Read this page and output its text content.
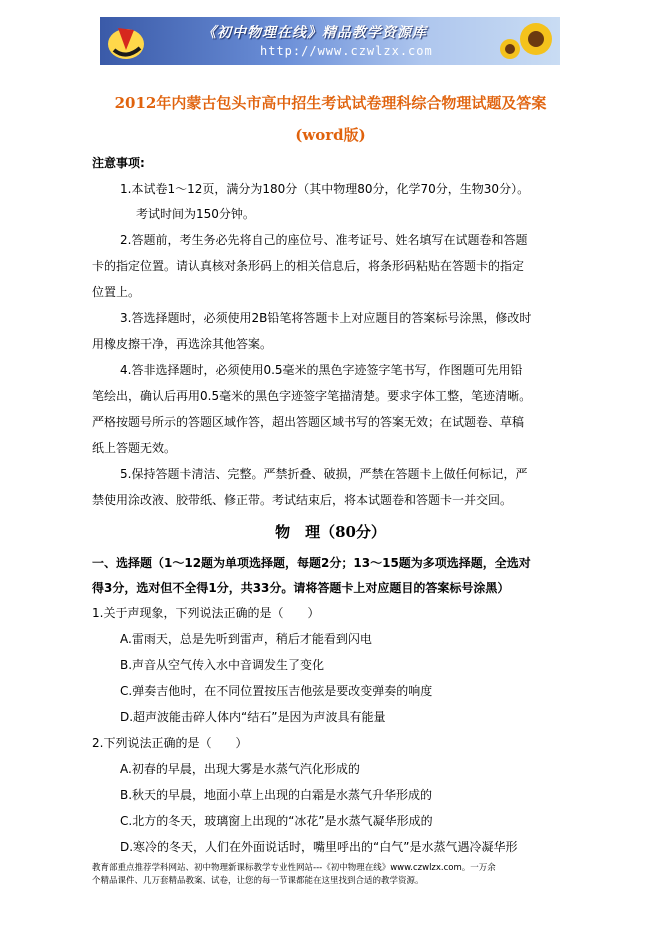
《初中物理在线》精品教学资源库
http://www.czwlzx.com
2012年内蒙古包头市高中招生考试试卷理科综合物理试题及答案
(word版)
注意事项:
1.本试卷1～12页，满分为180分（其中物理80分，化学70分，生物30分）。
考试时间为150分钟。
2.答题前，考生务必先将自己的座位号、准考证号、姓名填写在试题卷和答题
卡的指定位置。请认真核对条形码上的相关信息后，将条形码粘贴在答题卡的指定
位置上。
3.答选择题时，必须使用2B铅笔将答题卡上对应题目的答案标号涂黑，修改时
用橡皮擦干净，再选涂其他答案。
4.答非选择题时，必须使用0.5毫米的黑色字迹签字笔书写，作图题可先用铅
笔绘出，确认后再用0.5毫米的黑色字迹签字笔描清楚。要求字体工整，笔迹清晰。
严格按题号所示的答题区域作答，超出答题区域书写的答案无效；在试题卷、草稿
纸上答题无效。
5.保持答题卡清洁、完整。严禁折叠、破损，严禁在答题卡上做任何标记，严
禁使用涂改液、胶带纸、修正带。考试结束后，将本试题卷和答题卡一并交回。
物　理（80分）
一、选择题（1～12题为单项选择题，每题2分；13～15题为多项选择题，全选对
得3分，选对但不全得1分，共33分。请将答题卡上对应题目的答案标号涂黑）
1.关于声现象，下列说法正确的是（　　）
A.雷雨天，总是先听到雷声，稍后才能看到闪电
B.声音从空气传入水中音调发生了变化
C.弹奏吉他时，在不同位置按压吉他弦是要改变弹奏的响度
D.超声波能击碎人体内“结石”是因为声波具有能量
2.下列说法正确的是（　　）
A.初春的早晨，出现大雾是水蒸气汽化形成的
B.秋天的早晨，地面小草上出现的白霜是水蒸气升华形成的
C.北方的冬天，玻璃窗上出现的“冰花”是水蒸气凝华形成的
D.寒冷的冬天，人们在外面说话时，嘴里呼出的“白气”是水蒸气遇冷凝华形
教育部重点推荐学科网站、初中物理新课标教学专业性网站---《初中物理在线》www.czwlzx.com。一万余
个精品课件、几万套精品教案、试卷，让您的每一节课都能在这里找到合适的教学资源。
